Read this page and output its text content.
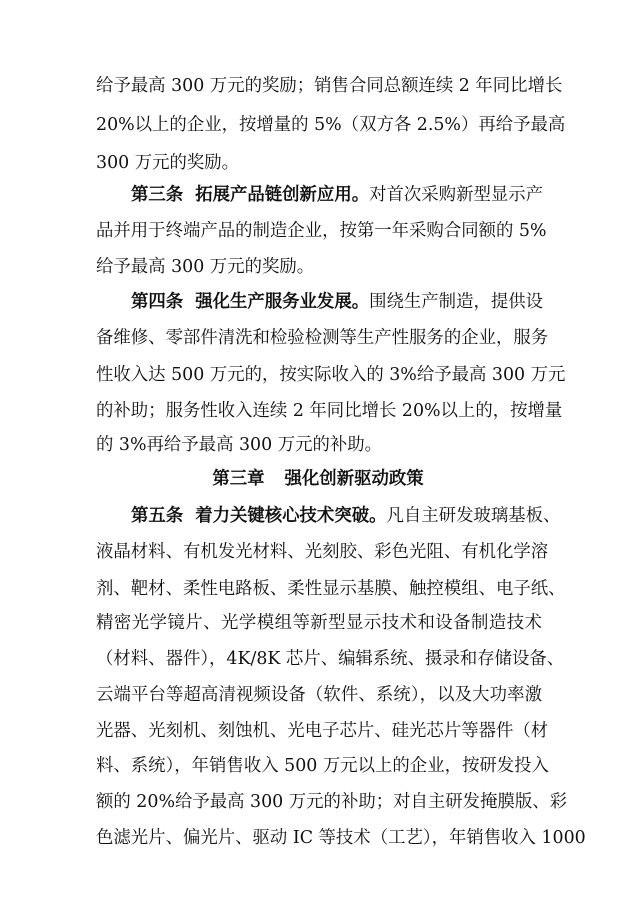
给予最高 300 万元的奖励；销售合同总额连续 2 年同比增长
20%以上的企业，按增量的 5%（双方各 2.5%）再给予最高
300 万元的奖励。
第三条 拓展产品链创新应用。对首次采购新型显示产
品并用于终端产品的制造企业，按第一年采购合同额的 5%
给予最高 300 万元的奖励。
第四条 强化生产服务业发展。围绕生产制造，提供设
备维修、零部件清洗和检验检测等生产性服务的企业，服务
性收入达 500 万元的，按实际收入的 3%给予最高 300 万元
的补助；服务性收入连续 2 年同比增长 20%以上的，按增量
的 3%再给予最高 300 万元的补助。
第三章 强化创新驱动政策
第五条 着力关键核心技术突破。凡自主研发玻璃基板、
液晶材料、有机发光材料、光刻胶、彩色光阻、有机化学溶
剂、靶材、柔性电路板、柔性显示基膜、触控模组、电子纸、
精密光学镜片、光学模组等新型显示技术和设备制造技术
（材料、器件），4K/8K 芯片、编辑系统、摄录和存储设备、
云端平台等超高清视频设备（软件、系统），以及大功率激
光器、光刻机、刻蚀机、光电子芯片、硅光芯片等器件（材
料、系统），年销售收入 500 万元以上的企业，按研发投入
额的 20%给予最高 300 万元的补助；对自主研发掩膜版、彩
色滤光片、偏光片、驱动 IC 等技术（工艺），年销售收入 1000
